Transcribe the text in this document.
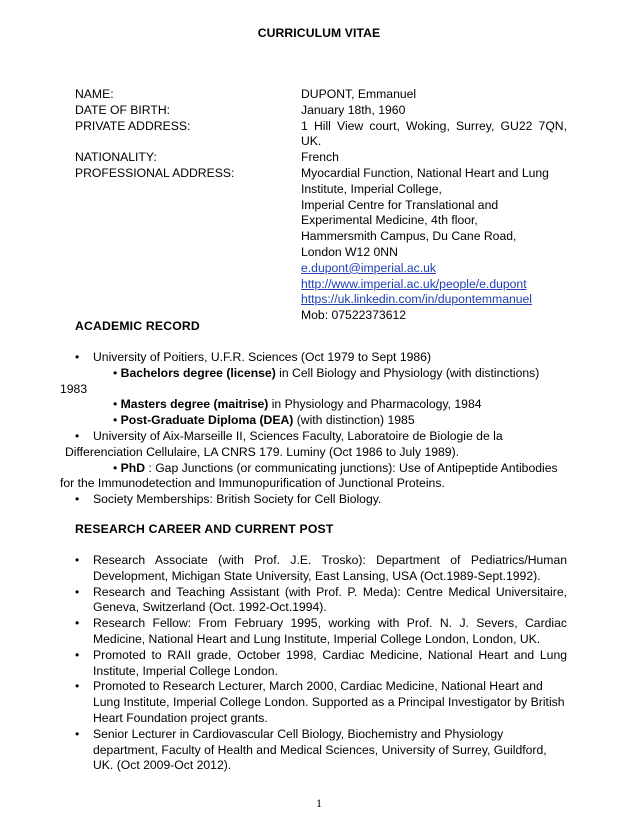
CURRICULUM VITAE
NAME:	DUPONT, Emmanuel
DATE OF BIRTH:	January 18th, 1960
PRIVATE ADDRESS:	1 Hill View court, Woking, Surrey, GU22 7QN, UK.
NATIONALITY:	French
PROFESSIONAL ADDRESS:	Myocardial Function, National Heart and Lung
Institute, Imperial College,
Imperial Centre for Translational and
Experimental Medicine, 4th floor,
Hammersmith Campus, Du Cane Road,
London W12 0NN
e.dupont@imperial.ac.uk
http://www.imperial.ac.uk/people/e.dupont
https://uk.linkedin.com/in/dupontemmanuel
Mob: 07522373612
ACADEMIC RECORD
• University of Poitiers, U.F.R. Sciences (Oct 1979 to Sept 1986)
• Bachelors degree (license) in Cell Biology and Physiology (with distinctions)
1983
• Masters degree (maitrise) in Physiology and Pharmacology, 1984
• Post-Graduate Diploma (DEA) (with distinction) 1985
• University of Aix-Marseille II, Sciences Faculty, Laboratoire de Biologie de la
Differenciation Cellulaire, LA CNRS 179. Luminy (Oct 1986 to July 1989).
• PhD : Gap Junctions (or communicating junctions): Use of Antipeptide Antibodies
for the Immunodetection and Immunopurification of Junctional Proteins.
• Society Memberships: British Society for Cell Biology.
RESEARCH CAREER AND CURRENT POST
• Research Associate (with Prof. J.E. Trosko): Department of Pediatrics/Human Development, Michigan State University, East Lansing, USA (Oct.1989-Sept.1992).
• Research and Teaching Assistant (with Prof. P. Meda): Centre Medical Universitaire, Geneva, Switzerland (Oct. 1992-Oct.1994).
• Research Fellow: From February 1995, working with Prof. N. J. Severs, Cardiac Medicine, National Heart and Lung Institute, Imperial College London, London, UK.
• Promoted to RAII grade, October 1998, Cardiac Medicine, National Heart and Lung Institute, Imperial College London.
• Promoted to Research Lecturer, March 2000, Cardiac Medicine, National Heart and Lung Institute, Imperial College London. Supported as a Principal Investigator by British Heart Foundation project grants.
• Senior Lecturer in Cardiovascular Cell Biology, Biochemistry and Physiology department, Faculty of Health and Medical Sciences, University of Surrey, Guildford, UK. (Oct 2009-Oct 2012).
1
